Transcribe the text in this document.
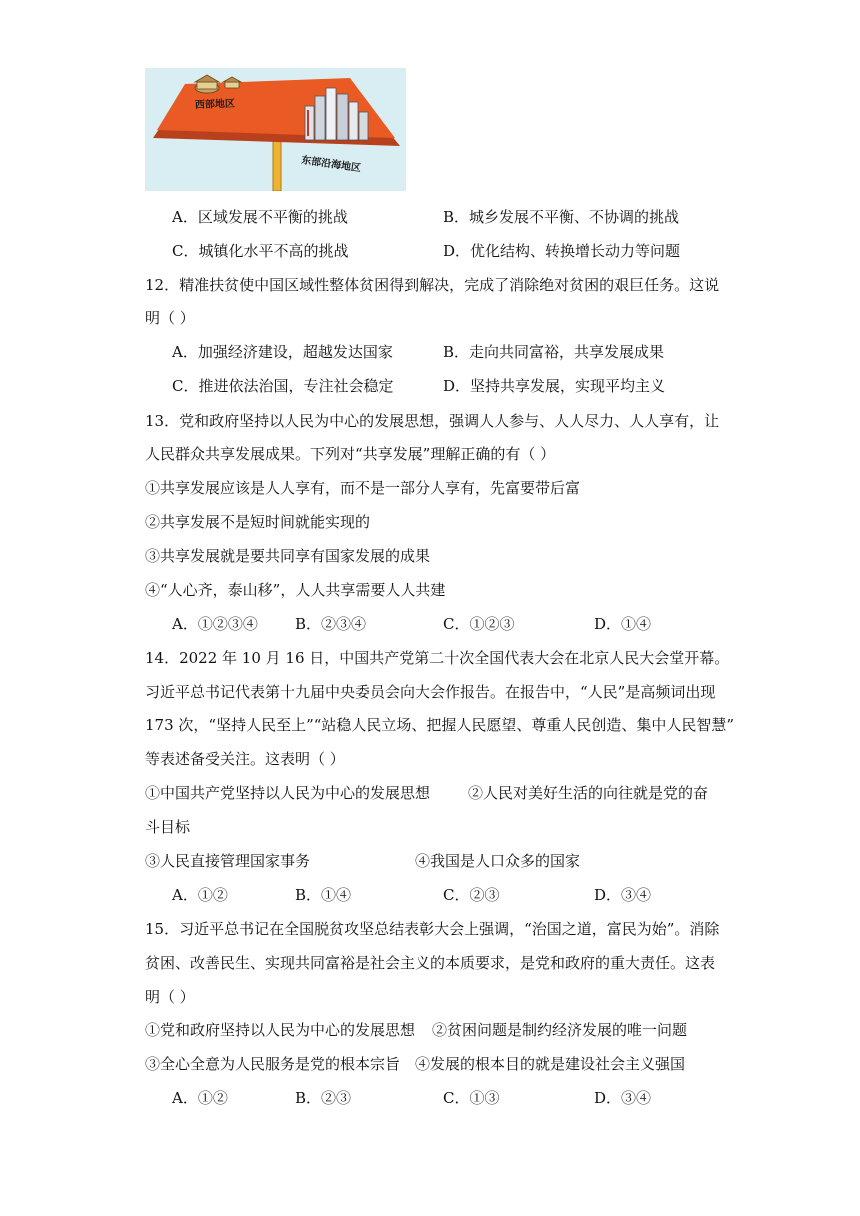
西部地区
东部沿海地区
A．区域发展不平衡的挑战	B．城乡发展不平衡、不协调的挑战
C．城镇化水平不高的挑战	D．优化结构、转换增长动力等问题
12．精准扶贫使中国区域性整体贫困得到解决，完成了消除绝对贫困的艰巨任务。这说
明（ ）
A．加强经济建设，超越发达国家	B．走向共同富裕，共享发展成果
C．推进依法治国，专注社会稳定	D．坚持共享发展，实现平均主义
13．党和政府坚持以人民为中心的发展思想，强调人人参与、人人尽力、人人享有，让
人民群众共享发展成果。下列对“共享发展”理解正确的有（ ）
①共享发展应该是人人享有，而不是一部分人享有，先富要带后富
②共享发展不是短时间就能实现的
③共享发展就是要共同享有国家发展的成果
④“人心齐，泰山移”，人人共享需要人人共建
A．①②③④ B．②③④	C．①②③	D．①④
14．2022 年 10 月 16 日，中国共产党第二十次全国代表大会在北京人民大会堂开幕。
习近平总书记代表第十九届中央委员会向大会作报告。在报告中，“人民”是高频词出现
173 次，“坚持人民至上”“站稳人民立场、把握人民愿望、尊重人民创造、集中人民智慧”
等表述备受关注。这表明（ ）
①中国共产党坚持以人民为中心的发展思想	②人民对美好生活的向往就是党的奋
斗目标
③人民直接管理国家事务	④我国是人口众多的国家
A．①②	B．①④	C．②③	D．③④
15．习近平总书记在全国脱贫攻坚总结表彰大会上强调，“治国之道，富民为始”。消除
贫困、改善民生、实现共同富裕是社会主义的本质要求，是党和政府的重大责任。这表
明（ ）
①党和政府坚持以人民为中心的发展思想 ②贫困问题是制约经济发展的唯一问题
③全心全意为人民服务是党的根本宗旨 ④发展的根本目的就是建设社会主义强国
A．①②	B．②③	C．①③	D．③④
